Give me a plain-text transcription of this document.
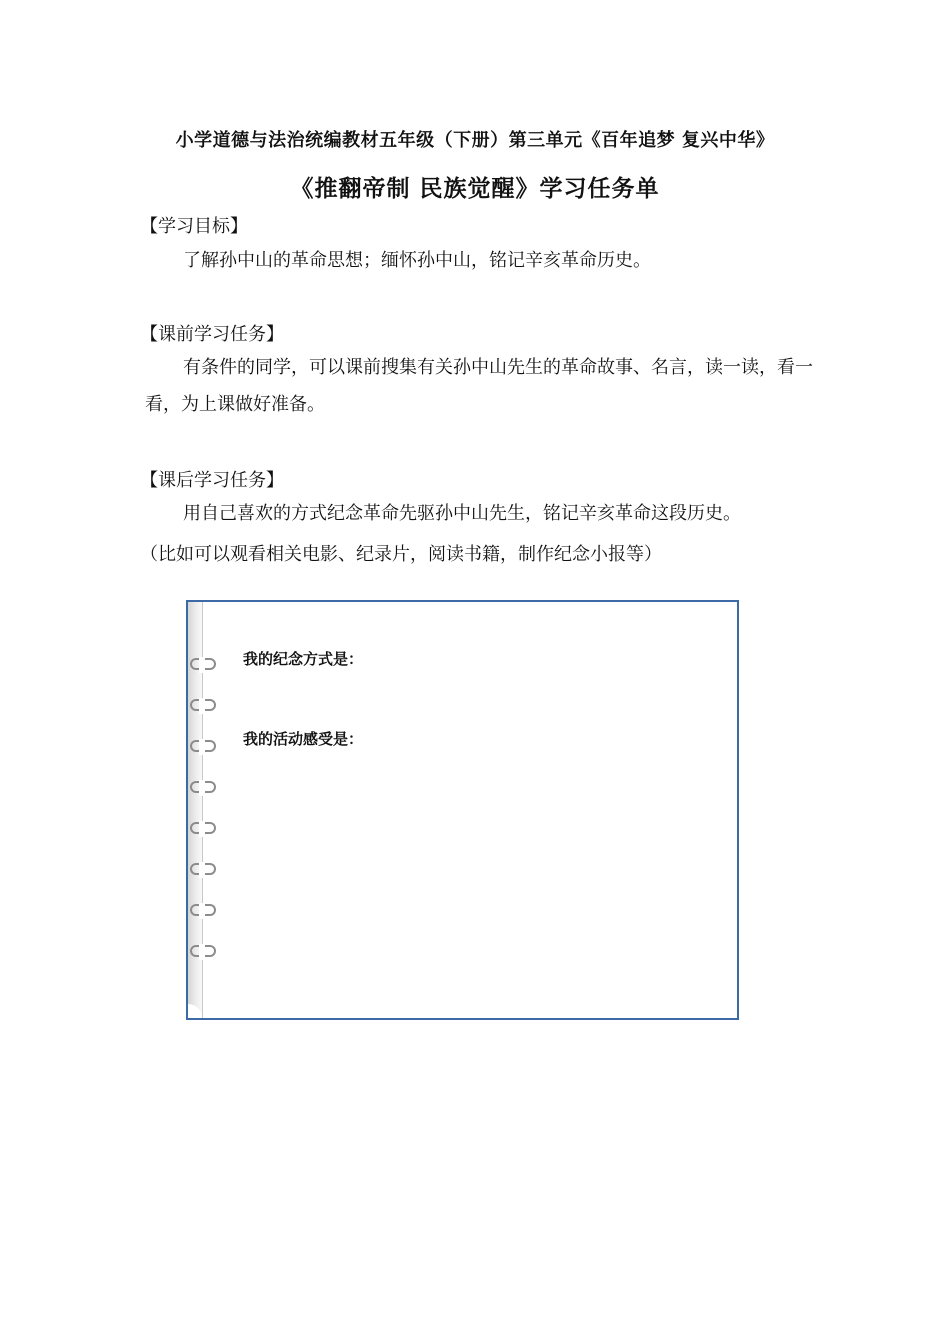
小学道德与法治统编教材五年级（下册）第三单元《百年追梦 复兴中华》
《推翻帝制 民族觉醒》学习任务单
【学习目标】
了解孙中山的革命思想；缅怀孙中山，铭记辛亥革命历史。
【课前学习任务】
有条件的同学，可以课前搜集有关孙中山先生的革命故事、名言，读一读，看一看，为上课做好准备。
【课后学习任务】
用自己喜欢的方式纪念革命先驱孙中山先生，铭记辛亥革命这段历史。
（比如可以观看相关电影、纪录片，阅读书籍，制作纪念小报等）
我的纪念方式是：
我的活动感受是：
